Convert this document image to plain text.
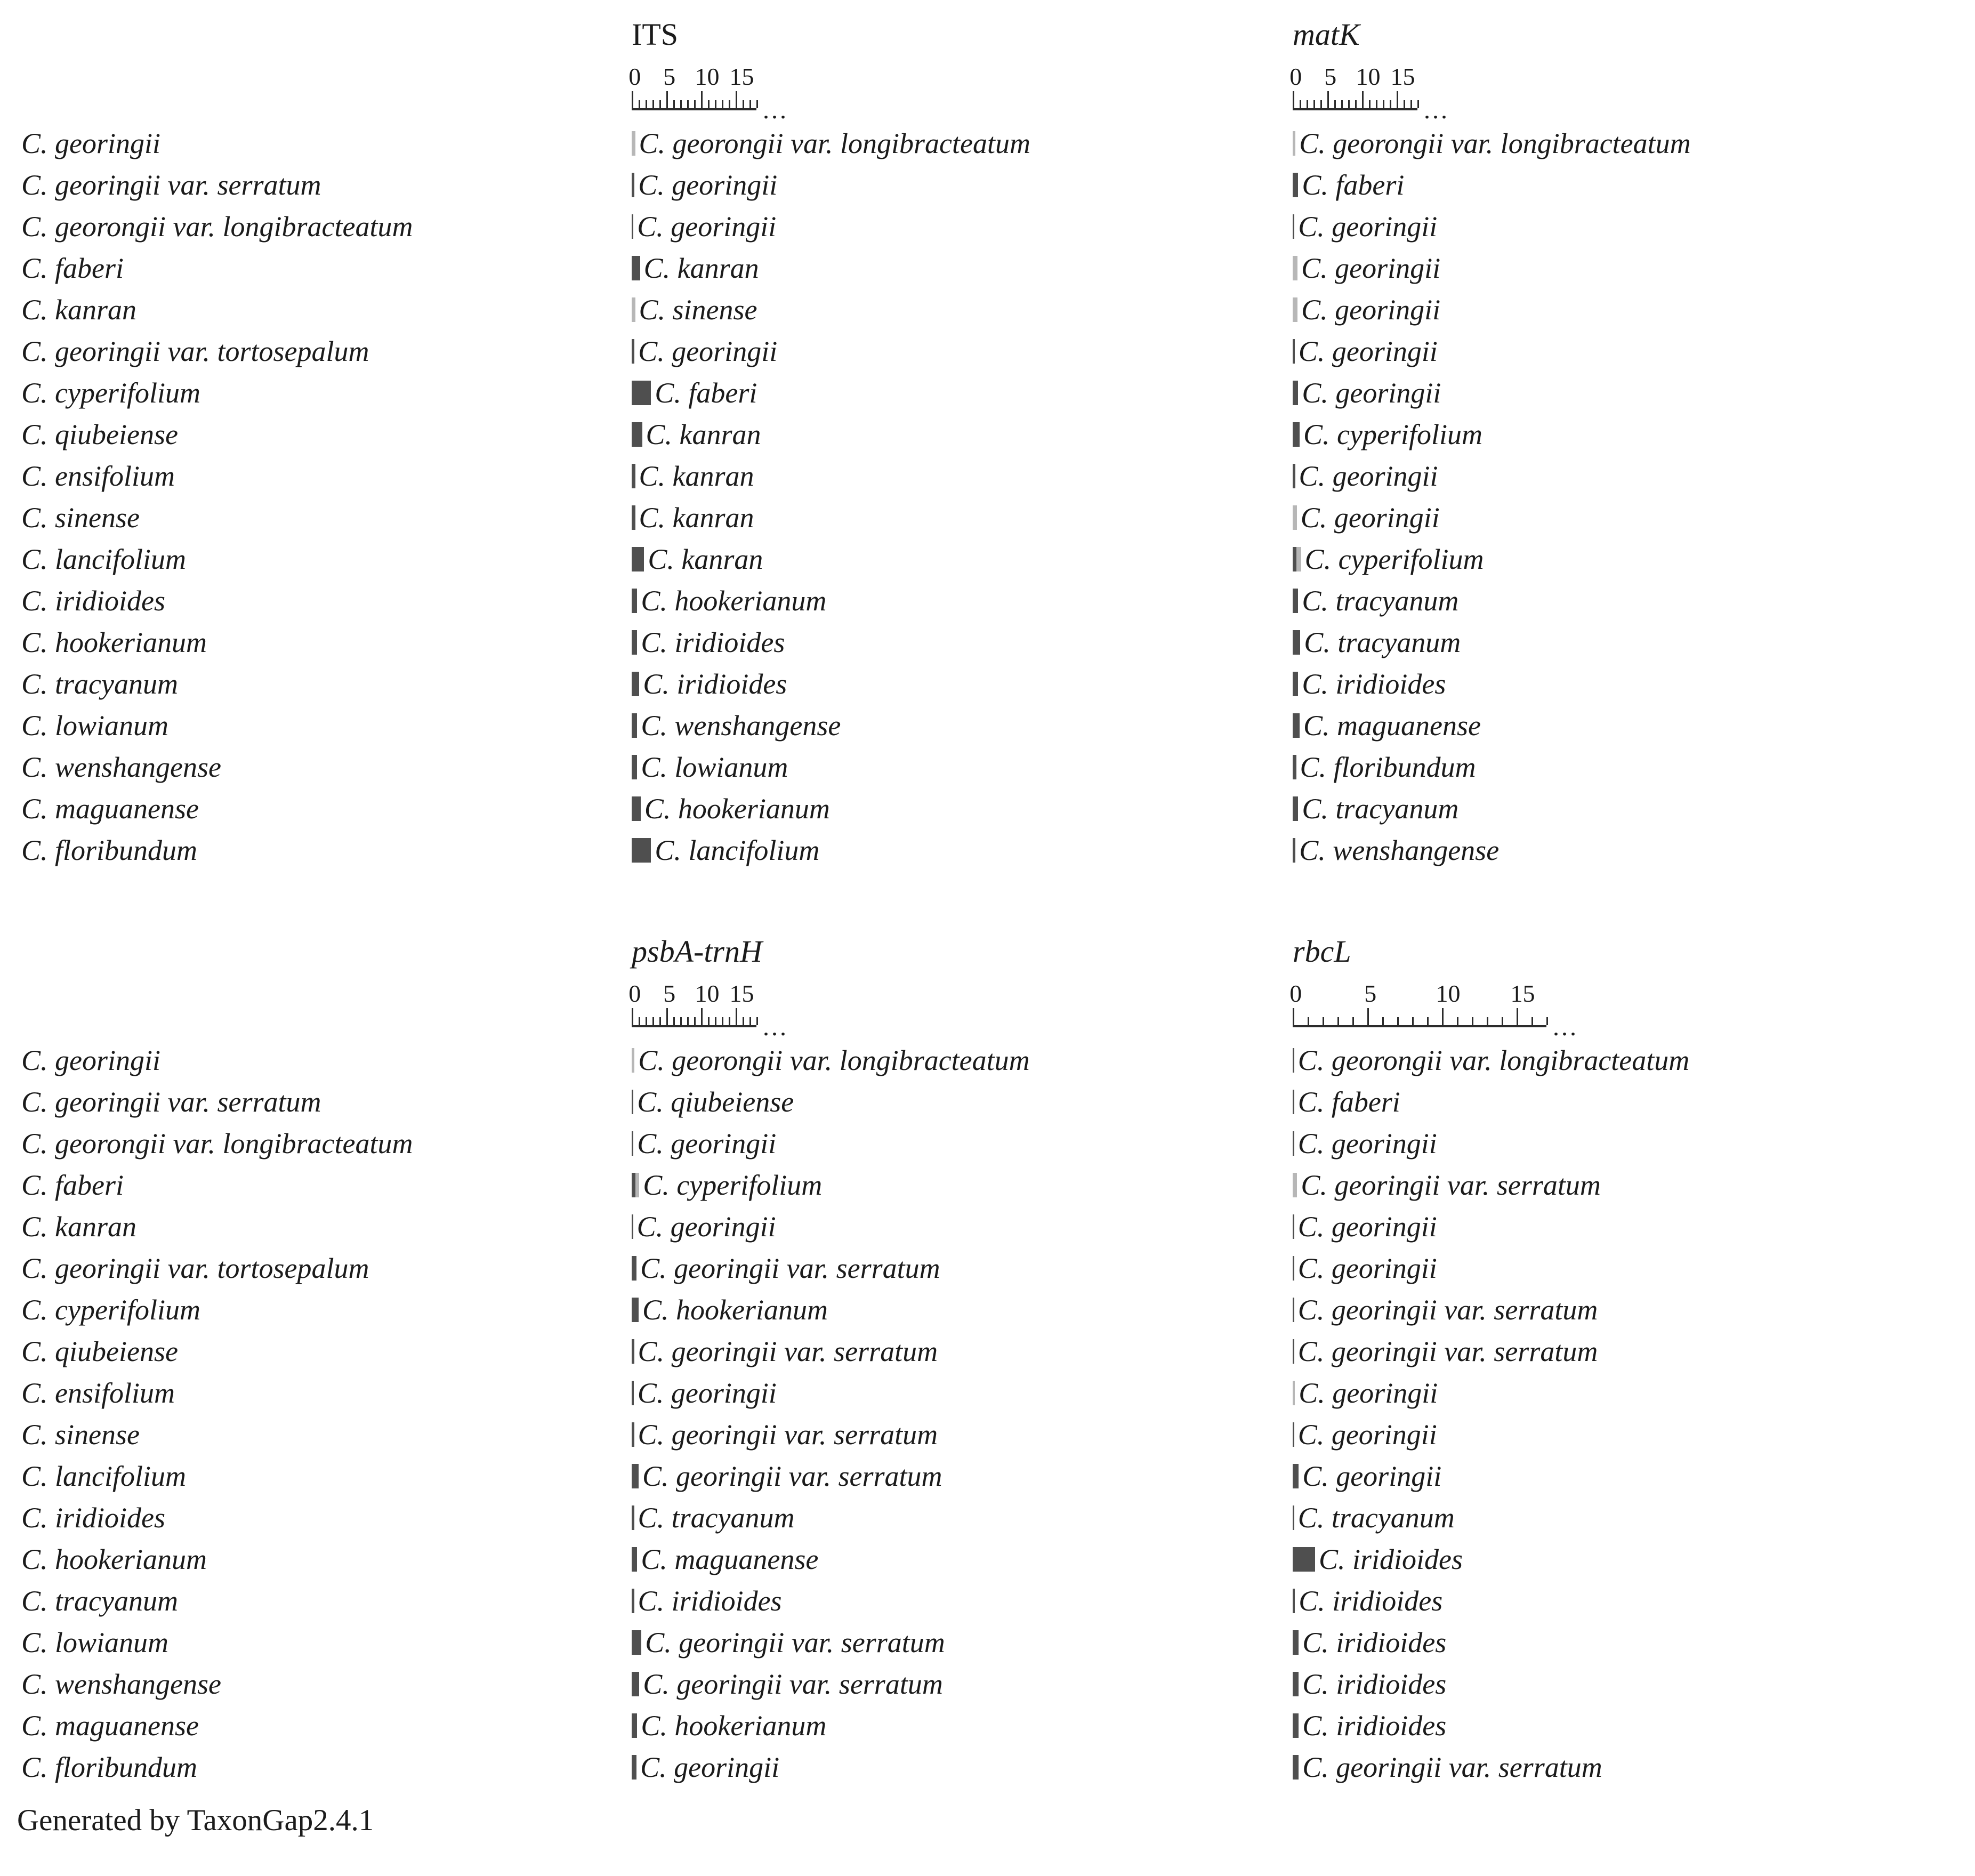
C. georingii
C. georingii var. serratum
C. georongii var. longibracteatum
C. faberi
C. kanran
C. georingii var. tortosepalum
C. cyperifolium
C. qiubeiense
C. ensifolium
C. sinense
C. lancifolium
C. iridioides
C. hookerianum
C. tracyanum
C. lowianum
C. wenshangense
C. maguanense
C. floribundum
ITS
0 5 10 15
...
C. georongii var. longibracteatum
C. georingii
C. georingii
C. kanran
C. sinense
C. georingii
C. faberi
C. kanran
C. kanran
C. kanran
C. kanran
C. hookerianum
C. iridioides
C. iridioides
C. wenshangense
C. lowianum
C. hookerianum
C. lancifolium
matK
0 5 10 15
...
C. georongii var. longibracteatum
C. faberi
C. georingii
C. georingii
C. georingii
C. georingii
C. georingii
C. cyperifolium
C. georingii
C. georingii
C. cyperifolium
C. tracyanum
C. tracyanum
C. iridioides
C. maguanense
C. floribundum
C. tracyanum
C. wenshangense
C. georingii
C. georingii var. serratum
C. georongii var. longibracteatum
C. faberi
C. kanran
C. georingii var. tortosepalum
C. cyperifolium
C. qiubeiense
C. ensifolium
C. sinense
C. lancifolium
C. iridioides
C. hookerianum
C. tracyanum
C. lowianum
C. wenshangense
C. maguanense
C. floribundum
psbA-trnH
0 5 10 15
...
C. georongii var. longibracteatum
C. qiubeiense
C. georingii
C. cyperifolium
C. georingii
C. georingii var. serratum
C. hookerianum
C. georingii var. serratum
C. georingii
C. georingii var. serratum
C. georingii var. serratum
C. tracyanum
C. maguanense
C. iridioides
C. georingii var. serratum
C. georingii var. serratum
C. hookerianum
C. georingii
rbcL
0	5 10 15
...
C. georongii var. longibracteatum
C. faberi
C. georingii
C. georingii var. serratum
C. georingii
C. georingii
C. georingii var. serratum
C. georingii var. serratum
C. georingii
C. georingii
C. georingii
C. tracyanum
C. iridioides
C. iridioides
C. iridioides
C. iridioides
C. iridioides
C. georingii var. serratum
Generated by TaxonGap2.4.1
